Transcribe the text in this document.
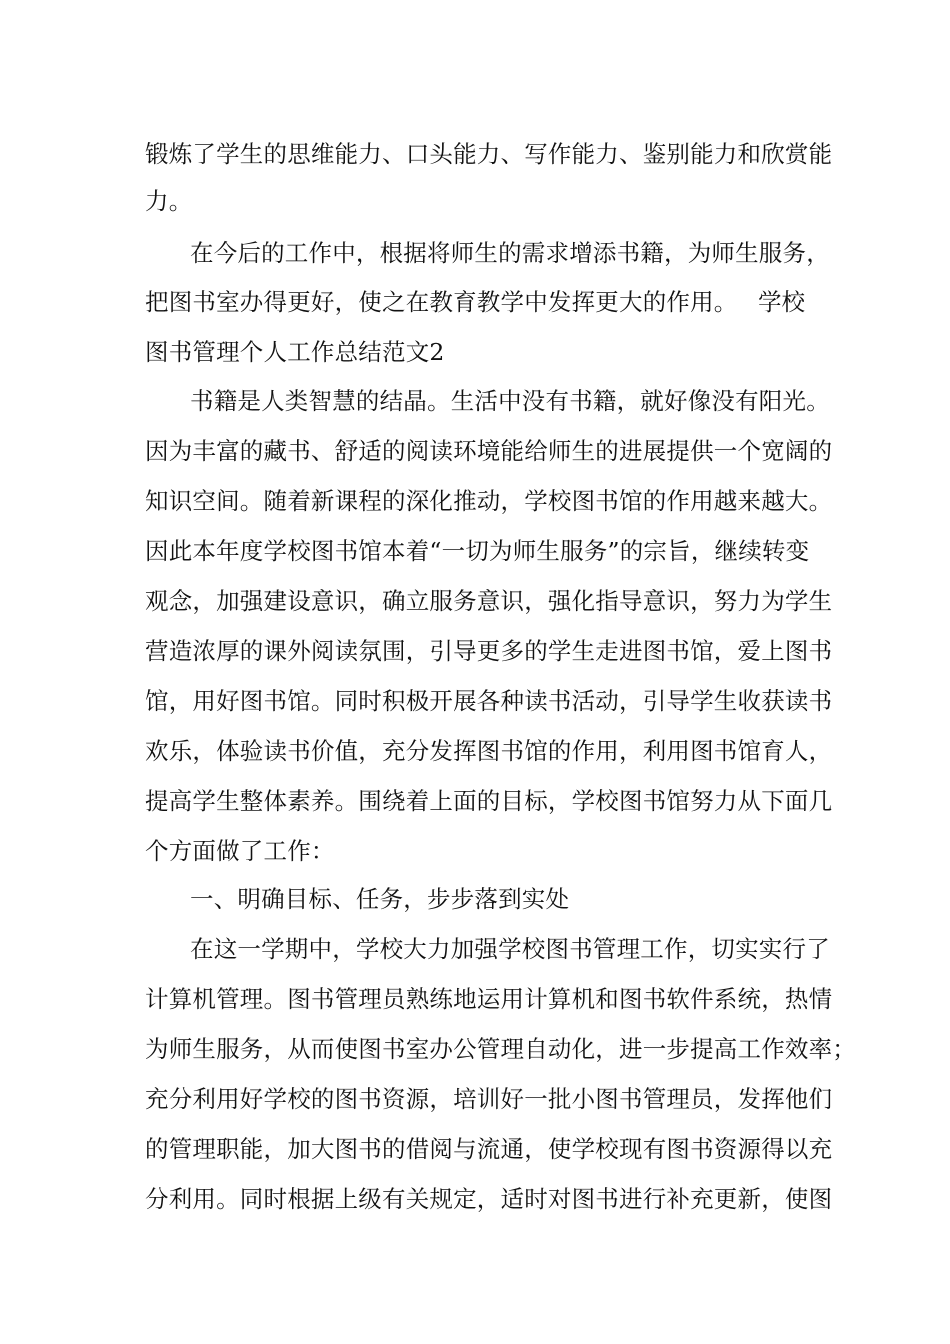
锻炼了学生的思维能力、口头能力、写作能力、鉴别能力和欣赏能
力。
在今后的工作中，根据将师生的需求增添书籍，为师生服务，
把图书室办得更好，使之在教育教学中发挥更大的作用。 学校
图书管理个人工作总结范文2
书籍是人类智慧的结晶。生活中没有书籍，就好像没有阳光。
因为丰富的藏书、舒适的阅读环境能给师生的进展提供一个宽阔的
知识空间。随着新课程的深化推动，学校图书馆的作用越来越大。
因此本年度学校图书馆本着“一切为师生服务”的宗旨，继续转变
观念，加强建设意识，确立服务意识，强化指导意识，努力为学生
营造浓厚的课外阅读氛围，引导更多的学生走进图书馆，爱上图书
馆，用好图书馆。同时积极开展各种读书活动，引导学生收获读书
欢乐，体验读书价值，充分发挥图书馆的作用，利用图书馆育人，
提高学生整体素养。围绕着上面的目标，学校图书馆努力从下面几
个方面做了工作：
一、明确目标、任务，步步落到实处
在这一学期中，学校大力加强学校图书管理工作，切实实行了
计算机管理。图书管理员熟练地运用计算机和图书软件系统，热情
为师生服务，从而使图书室办公管理自动化，进一步提高工作效率；
充分利用好学校的图书资源，培训好一批小图书管理员，发挥他们
的管理职能，加大图书的借阅与流通，使学校现有图书资源得以充
分利用。同时根据上级有关规定，适时对图书进行补充更新，使图
